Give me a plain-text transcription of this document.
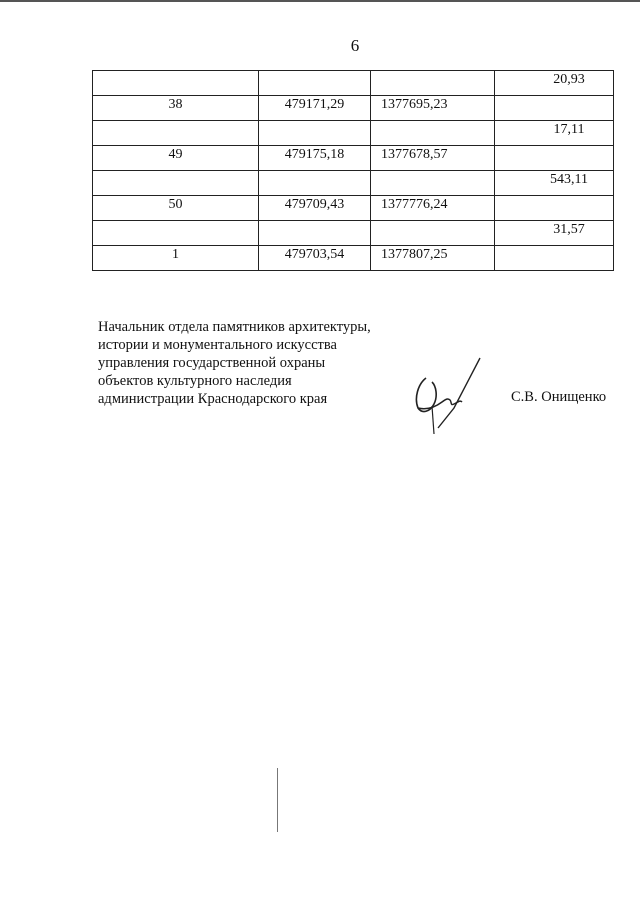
6
			20,93
38	479171,29	1377695,23	
			17,11
49	479175,18	1377678,57	
			543,11
50	479709,43	1377776,24	
			31,57
1	479703,54	1377807,25	
Начальник отдела памятников архитектуры,
истории и монументального искусства
управления государственной охраны
объектов культурного наследия
администрации Краснодарского края	С.В. Онищенко
